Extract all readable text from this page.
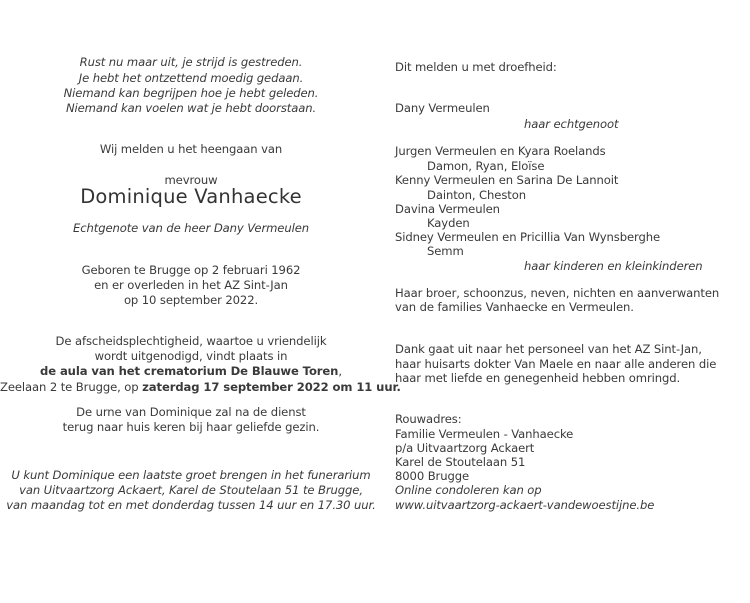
Rust nu maar uit, je strijd is gestreden.
Je hebt het ontzettend moedig gedaan.
Niemand kan begrijpen hoe je hebt geleden.
Niemand kan voelen wat je hebt doorstaan.
Wij melden u het heengaan van
mevrouw
Dominique Vanhaecke
Echtgenote van de heer Dany Vermeulen
Geboren te Brugge op 2 februari 1962
en er overleden in het AZ Sint-Jan
op 10 september 2022.
De afscheidsplechtigheid, waartoe u vriendelijk
wordt uitgenodigd, vindt plaats in
de aula van het crematorium De Blauwe Toren,
Zeelaan 2 te Brugge, op zaterdag 17 september 2022 om 11 uur.
De urne van Dominique zal na de dienst
terug naar huis keren bij haar geliefde gezin.
U kunt Dominique een laatste groet brengen in het funerarium
van Uitvaartzorg Ackaert, Karel de Stoutelaan 51 te Brugge,
van maandag tot en met donderdag tussen 14 uur en 17.30 uur.
Dit melden u met droefheid:
Dany Vermeulen
haar echtgenoot
Jurgen Vermeulen en Kyara Roelands
Damon, Ryan, Eloïse
Kenny Vermeulen en Sarina De Lannoit
Dainton, Cheston
Davina Vermeulen
Kayden
Sidney Vermeulen en Pricillia Van Wynsberghe
Semm
haar kinderen en kleinkinderen
Haar broer, schoonzus, neven, nichten en aanverwanten
van de families Vanhaecke en Vermeulen.
Dank gaat uit naar het personeel van het AZ Sint-Jan,
haar huisarts dokter Van Maele en naar alle anderen die
haar met liefde en genegenheid hebben omringd.
Rouwadres:
Familie Vermeulen - Vanhaecke
p/a Uitvaartzorg Ackaert
Karel de Stoutelaan 51
8000 Brugge
Online condoleren kan op
www.uitvaartzorg-ackaert-vandewoestijne.be
